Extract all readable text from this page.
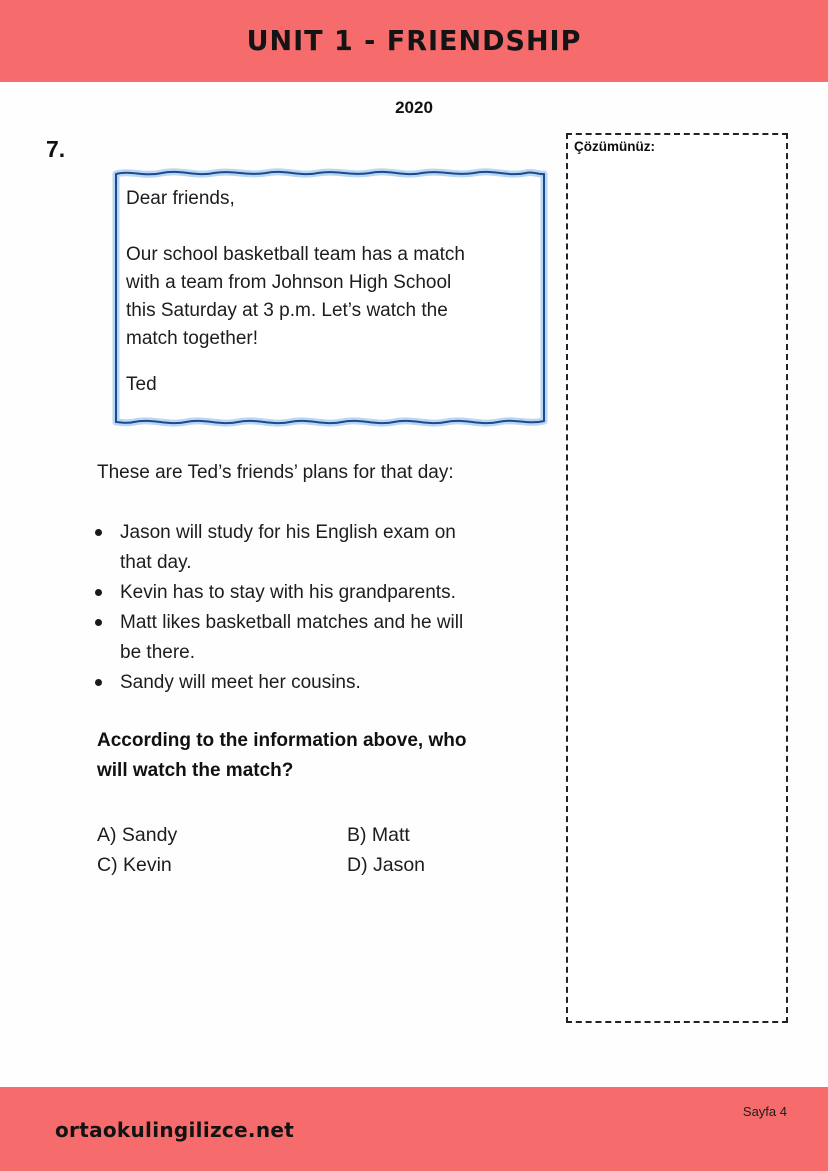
UNIT 1 - FRIENDSHIP
2020
7.
Dear friends,
Our school basketball team has a match
with a team from Johnson High School
this Saturday at 3 p.m. Let’s watch the
match together!
Ted
These are Ted’s friends’ plans for that day:
Jason will study for his English exam on
that day.
Kevin has to stay with his grandparents.
Matt likes basketball matches and he will
be there.
Sandy will meet her cousins.
According to the information above, who
will watch the match?
A) Sandy	B) Matt
C) Kevin	D) Jason
Çözümünüz:
ortaokulingilizce.net
Sayfa 4
